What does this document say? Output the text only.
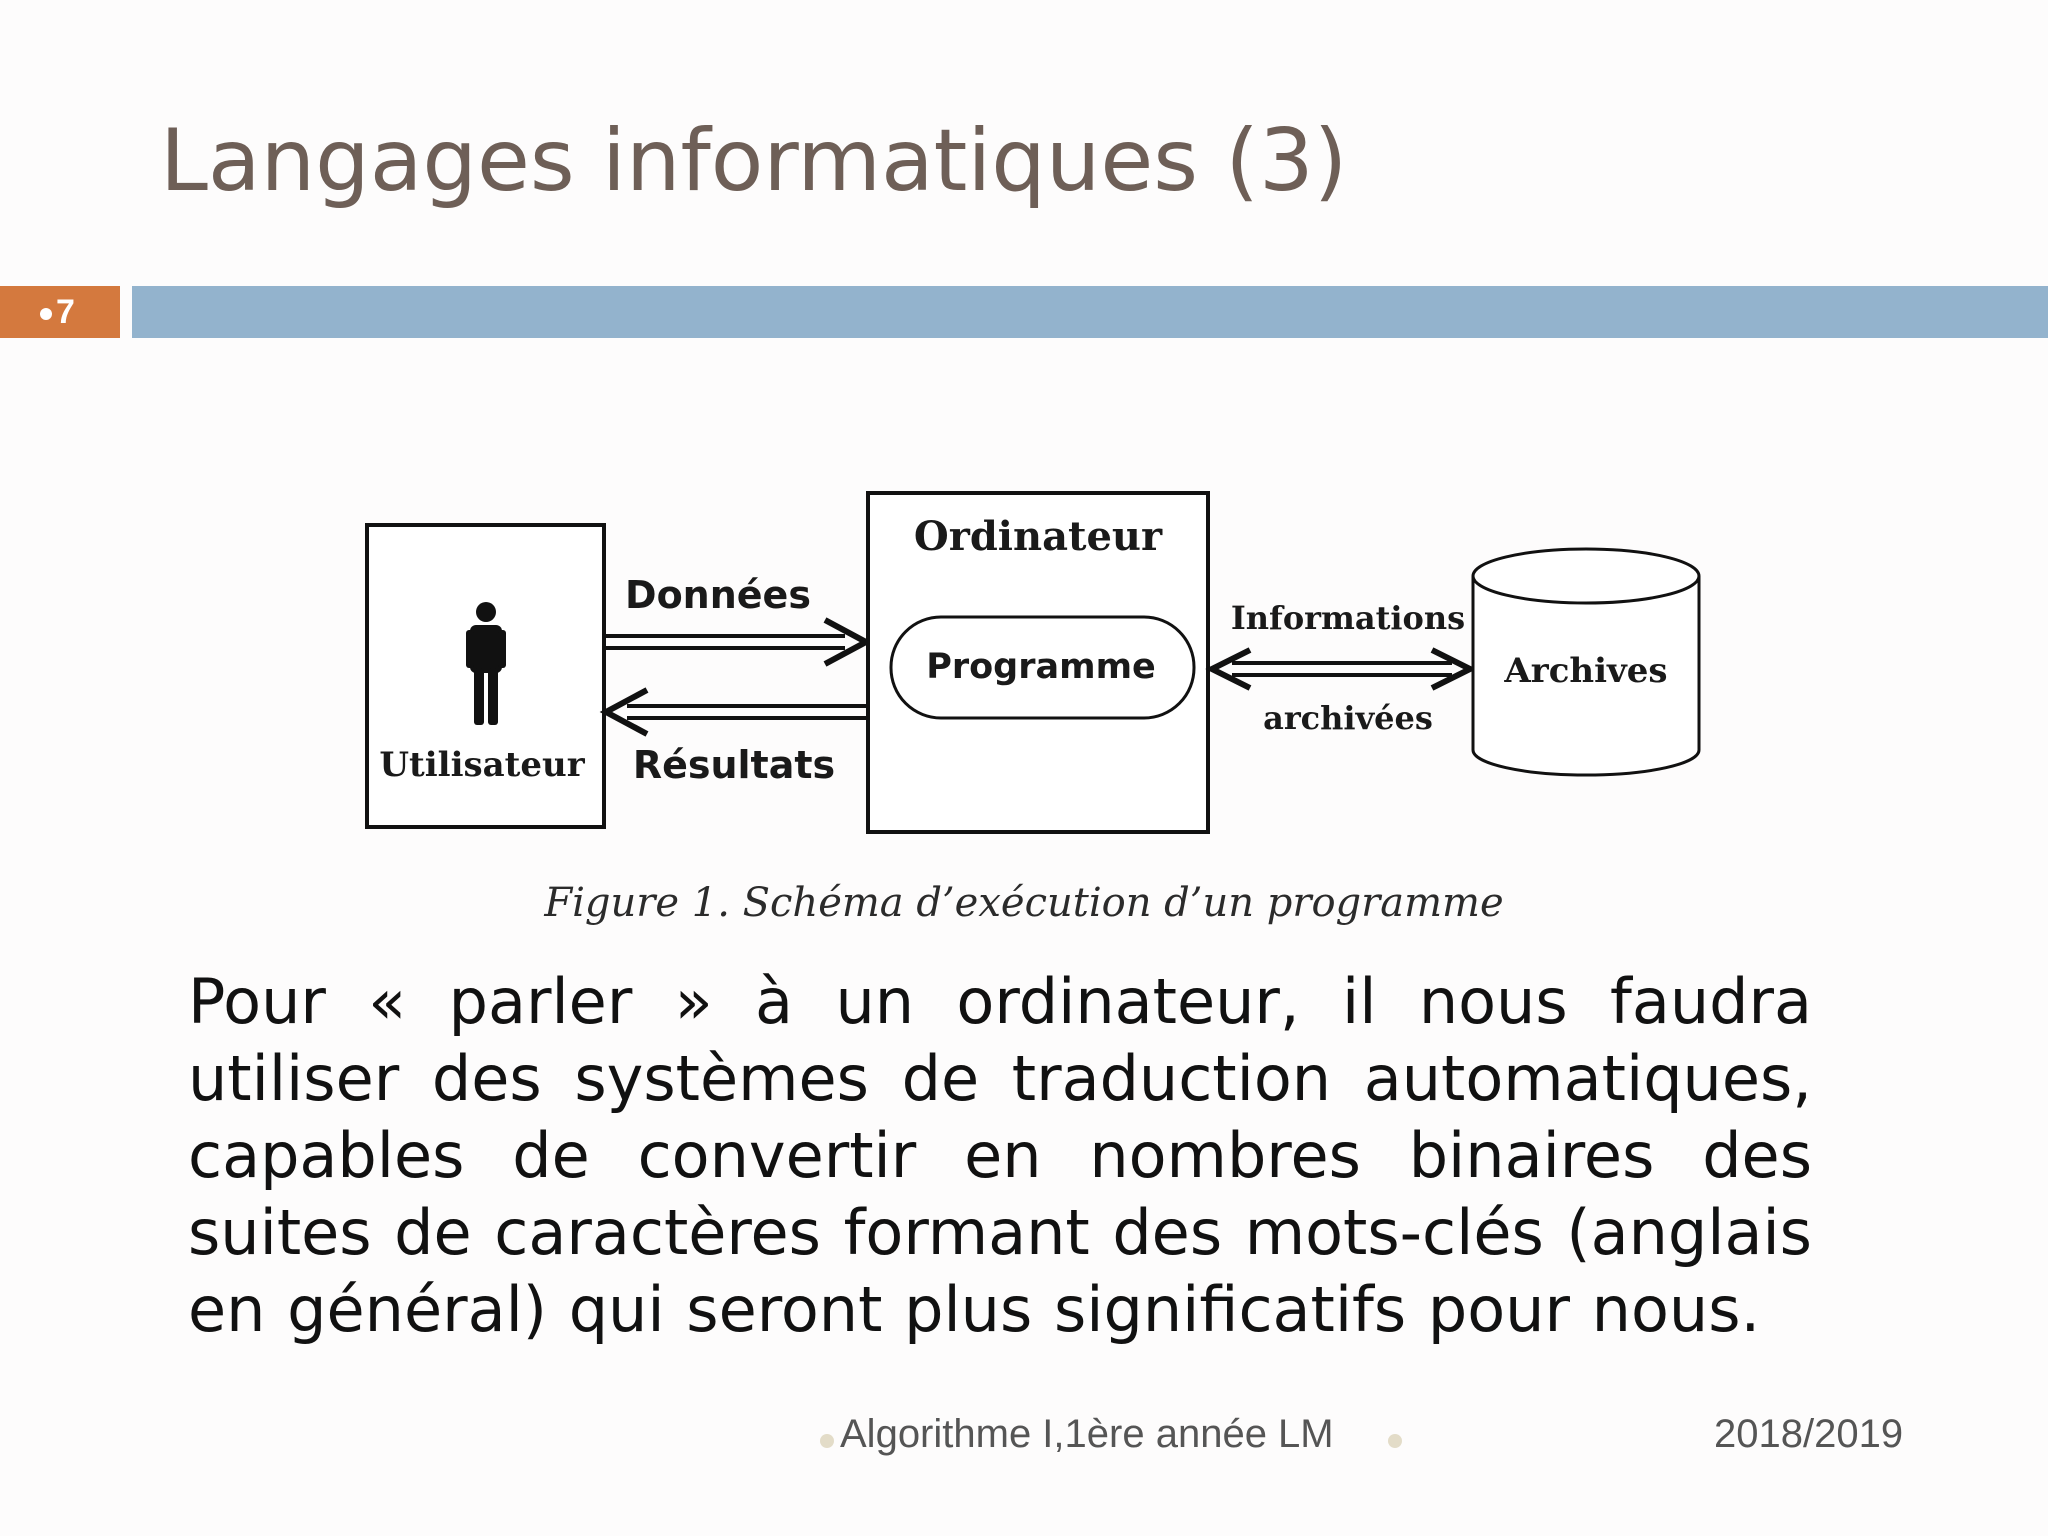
Langages informatiques (3)
7
Utilisateur
Données
Résultats
Ordinateur
Programme
Informations
archivées
Archives

Figure 1. Schéma d’exécution d’un programme

Pour « parler » à un ordinateur, il nous faudra utiliser des systèmes de traduction automatiques, capables de convertir en nombres binaires des suites de caractères formant des mots-clés (anglais en général) qui seront plus significatifs pour nous.

Algorithme I,1ère année LM	2018/2019
